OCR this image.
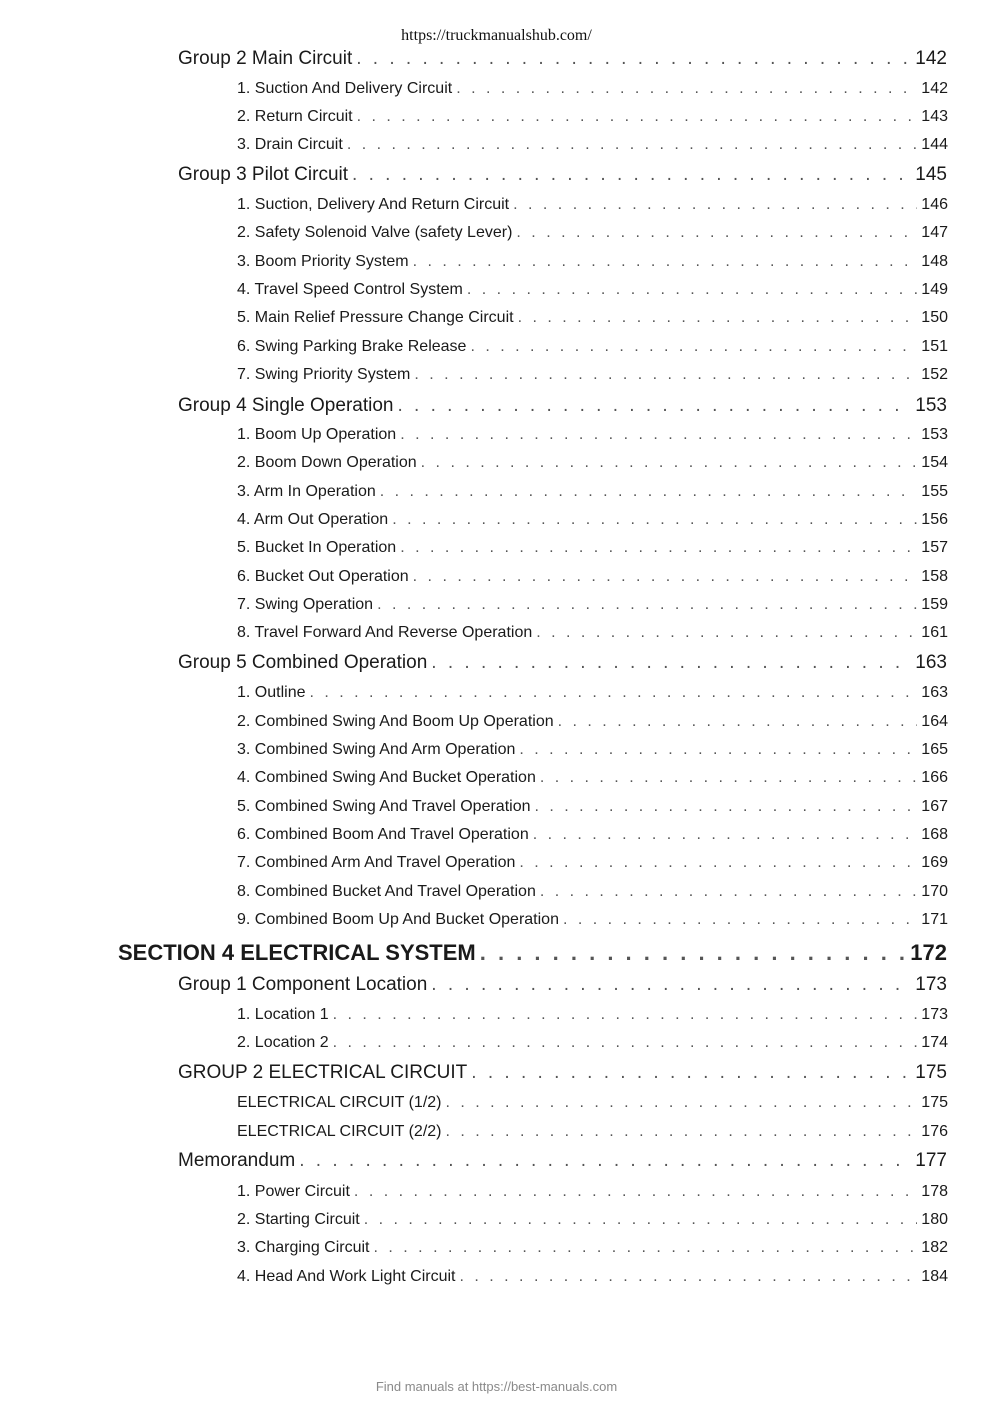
https://truckmanualshub.com/
Group 2 Main Circuit . . .	142
1. Suction And Delivery Circuit . . .	142
2. Return Circuit . . .	143
3. Drain Circuit . . .	144
Group 3 Pilot Circuit . . .	145
1. Suction, Delivery And Return Circuit . . .	146
2. Safety Solenoid Valve (safety Lever) . . .	147
3. Boom Priority System . . .	148
4. Travel Speed Control System . . .	149
5. Main Relief Pressure Change Circuit . . .	150
6. Swing Parking Brake Release . . .	151
7. Swing Priority System . . .	152
Group 4 Single Operation . . .	153
1. Boom Up Operation . . .	153
2. Boom Down Operation . . .	154
3. Arm In Operation . . .	155
4. Arm Out Operation . . .	156
5. Bucket In Operation . . .	157
6. Bucket Out Operation . . .	158
7. Swing Operation . . .	159
8. Travel Forward And Reverse Operation . . .	161
Group 5 Combined Operation . . .	163
1. Outline . . .	163
2. Combined Swing And Boom Up Operation . . .	164
3. Combined Swing And Arm Operation . . .	165
4. Combined Swing And Bucket Operation . . .	166
5. Combined Swing And Travel Operation . . .	167
6. Combined Boom And Travel Operation . . .	168
7. Combined Arm And Travel Operation . . .	169
8. Combined Bucket And Travel Operation . . .	170
9. Combined Boom Up And Bucket Operation . . .	171
SECTION 4 ELECTRICAL SYSTEM . . .	172
Group 1 Component Location . . .	173
1. Location 1 . . .	173
2. Location 2 . . .	174
GROUP 2 ELECTRICAL CIRCUIT . . .	175
ELECTRICAL CIRCUIT (1/2) . . .	175
ELECTRICAL CIRCUIT (2/2) . . .	176
Memorandum . . .	177
1. Power Circuit . . .	178
2. Starting Circuit . . .	180
3. Charging Circuit . . .	182
4. Head And Work Light Circuit . . .	184
Find manuals at https://best-manuals.com
